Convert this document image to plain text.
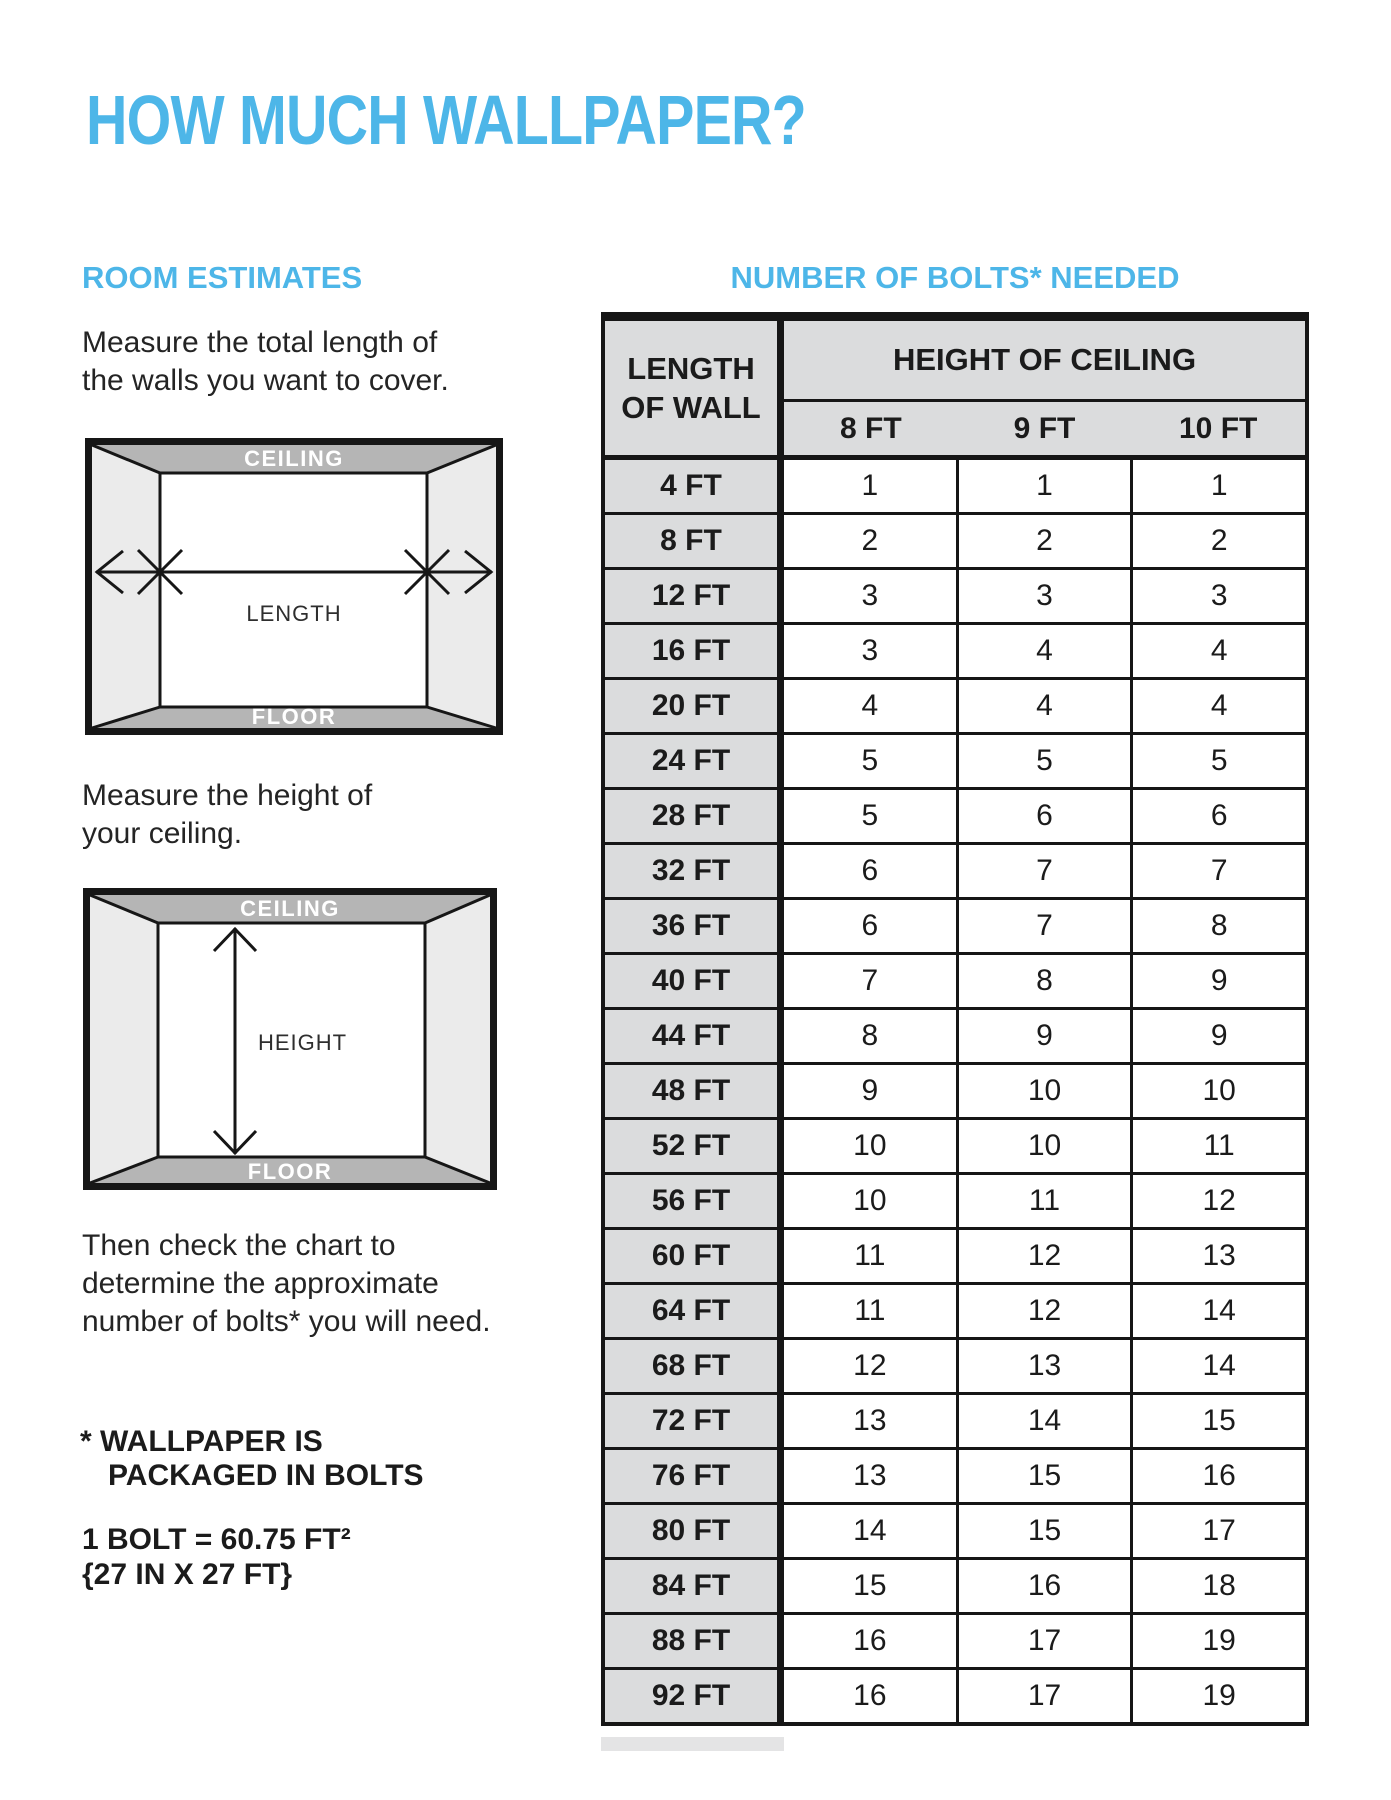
HOW MUCH WALLPAPER?
ROOM ESTIMATES	NUMBER OF BOLTS* NEEDED
Measure the total length of
the walls you want to cover.
CEILING
FLOOR
LENGTH
Measure the height of
your ceiling.
CEILING
FLOOR
HEIGHT
Then check the chart to
determine the approximate
number of bolts* you will need.
* WALLPAPER IS
PACKAGED IN BOLTS
1 BOLT = 60.75 FT²
{27 IN X 27 FT}
LENGTH
OF WALL
HEIGHT OF CEILING
8 FT	9 FT	10 FT
4 FT	1	1	1
8 FT	2	2	2
12 FT	3	3	3
16 FT	3	4	4
20 FT	4	4	4
24 FT	5	5	5
28 FT	5	6	6
32 FT	6	7	7
36 FT	6	7	8
40 FT	7	8	9
44 FT	8	9	9
48 FT	9	10	10
52 FT	10	10	11
56 FT	10	11	12
60 FT	11	12	13
64 FT	11	12	14
68 FT	12	13	14
72 FT	13	14	15
76 FT	13	15	16
80 FT	14	15	17
84 FT	15	16	18
88 FT	16	17	19
92 FT	16	17	19
